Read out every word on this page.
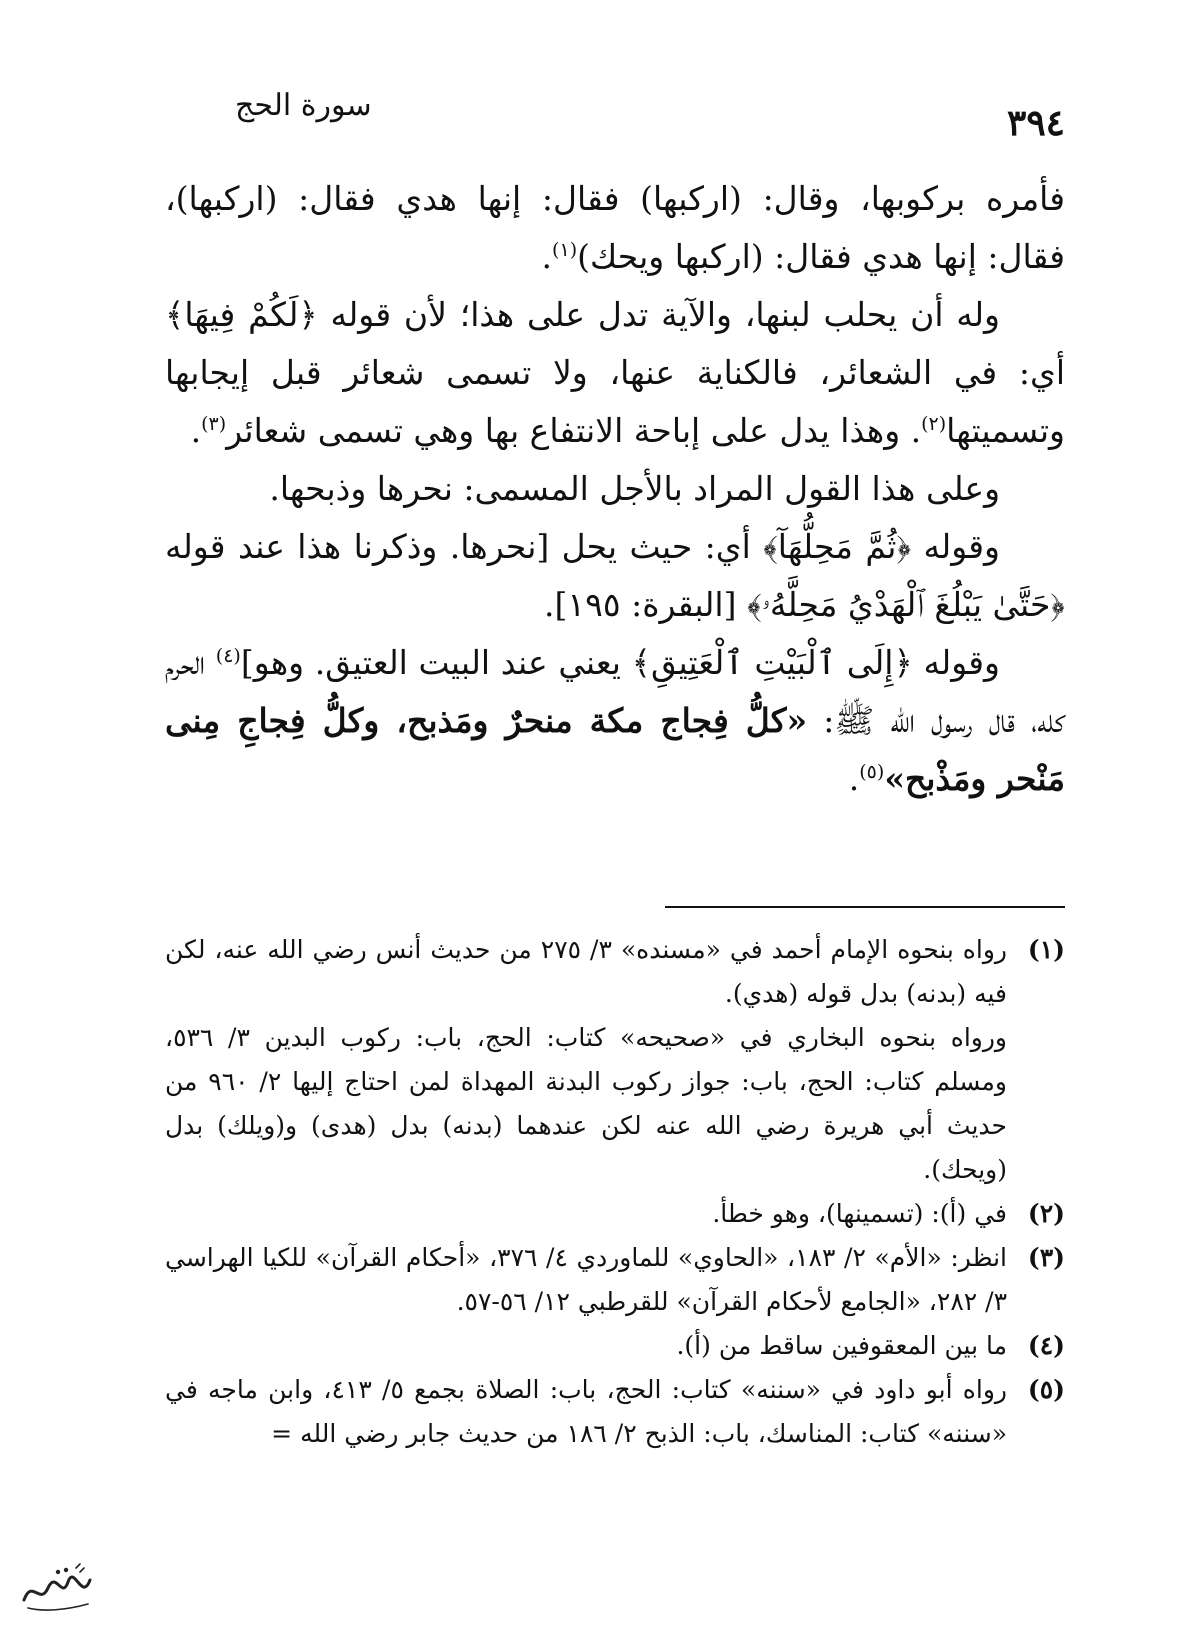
٣٩٤
سورة الحج

فأمره بركوبها، وقال: (اركبها) فقال: إنها هدي فقال: (اركبها)، فقال: إنها هدي فقال: (اركبها ويحك)$^{(١)}$.

وله أن يحلب لبنها، والآية تدل على هذا؛ لأن قوله ﴿لَكُمْ فِيهَا﴾ أي: في الشعائر، فالكناية عنها، ولا تسمى شعائر قبل إيجابها وتسميتها$^{(٢)}$. وهذا يدل على إباحة الانتفاع بها وهي تسمى شعائر$^{(٣)}$.

وعلى هذا القول المراد بالأجل المسمى: نحرها وذبحها.

وقوله ﴿ثُمَّ مَحِلُّهَآ﴾ أي: حيث يحل [نحرها. وذكرنا هذا عند قوله ﴿حَتَّىٰ يَبْلُغَ ٱلْهَدْيُ مَحِلَّهُۥ﴾ [البقرة: ١٩٥].

وقوله ﴿إِلَى ٱلْبَيْتِ ٱلْعَتِيقِ﴾ يعني عند البيت العتيق. وهو]$^{(٤)}$ الحرم كله، قال رسول الله ﷺ: «كلُّ فِجاج مكة منحرٌ ومَذبح، وكلُّ فِجاجِ مِنى مَنْحر ومَذْبح»$^{(٥)}$.

(١)
رواه بنحوه الإمام أحمد في «مسنده» ٣/ ٢٧٥ من حديث أنس رضي الله عنه، لكن فيه (بدنه) بدل قوله (هدي).
ورواه بنحوه البخاري في «صحيحه» كتاب: الحج، باب: ركوب البدين ٣/ ٥٣٦، ومسلم كتاب: الحج، باب: جواز ركوب البدنة المهداة لمن احتاج إليها ٢/ ٩٦٠ من حديث أبي هريرة رضي الله عنه لكن عندهما (بدنه) بدل (هدى) و(ويلك) بدل (ويحك).
(٢)
في (أ): (تسمينها)، وهو خطأ.
(٣)
انظر: «الأم» ٢/ ١٨٣، «الحاوي» للماوردي ٤/ ٣٧٦، «أحكام القرآن» للكيا الهراسي ٣/ ٢٨٢، «الجامع لأحكام القرآن» للقرطبي ١٢/ ٥٦-٥٧.
(٤)
ما بين المعقوفين ساقط من (أ).
(٥)
رواه أبو داود في «سننه» كتاب: الحج، باب: الصلاة بجمع ٥/ ٤١٣، وابن ماجه في «سننه» كتاب: المناسك، باب: الذبح ٢/ ١٨٦ من حديث جابر رضي الله =
